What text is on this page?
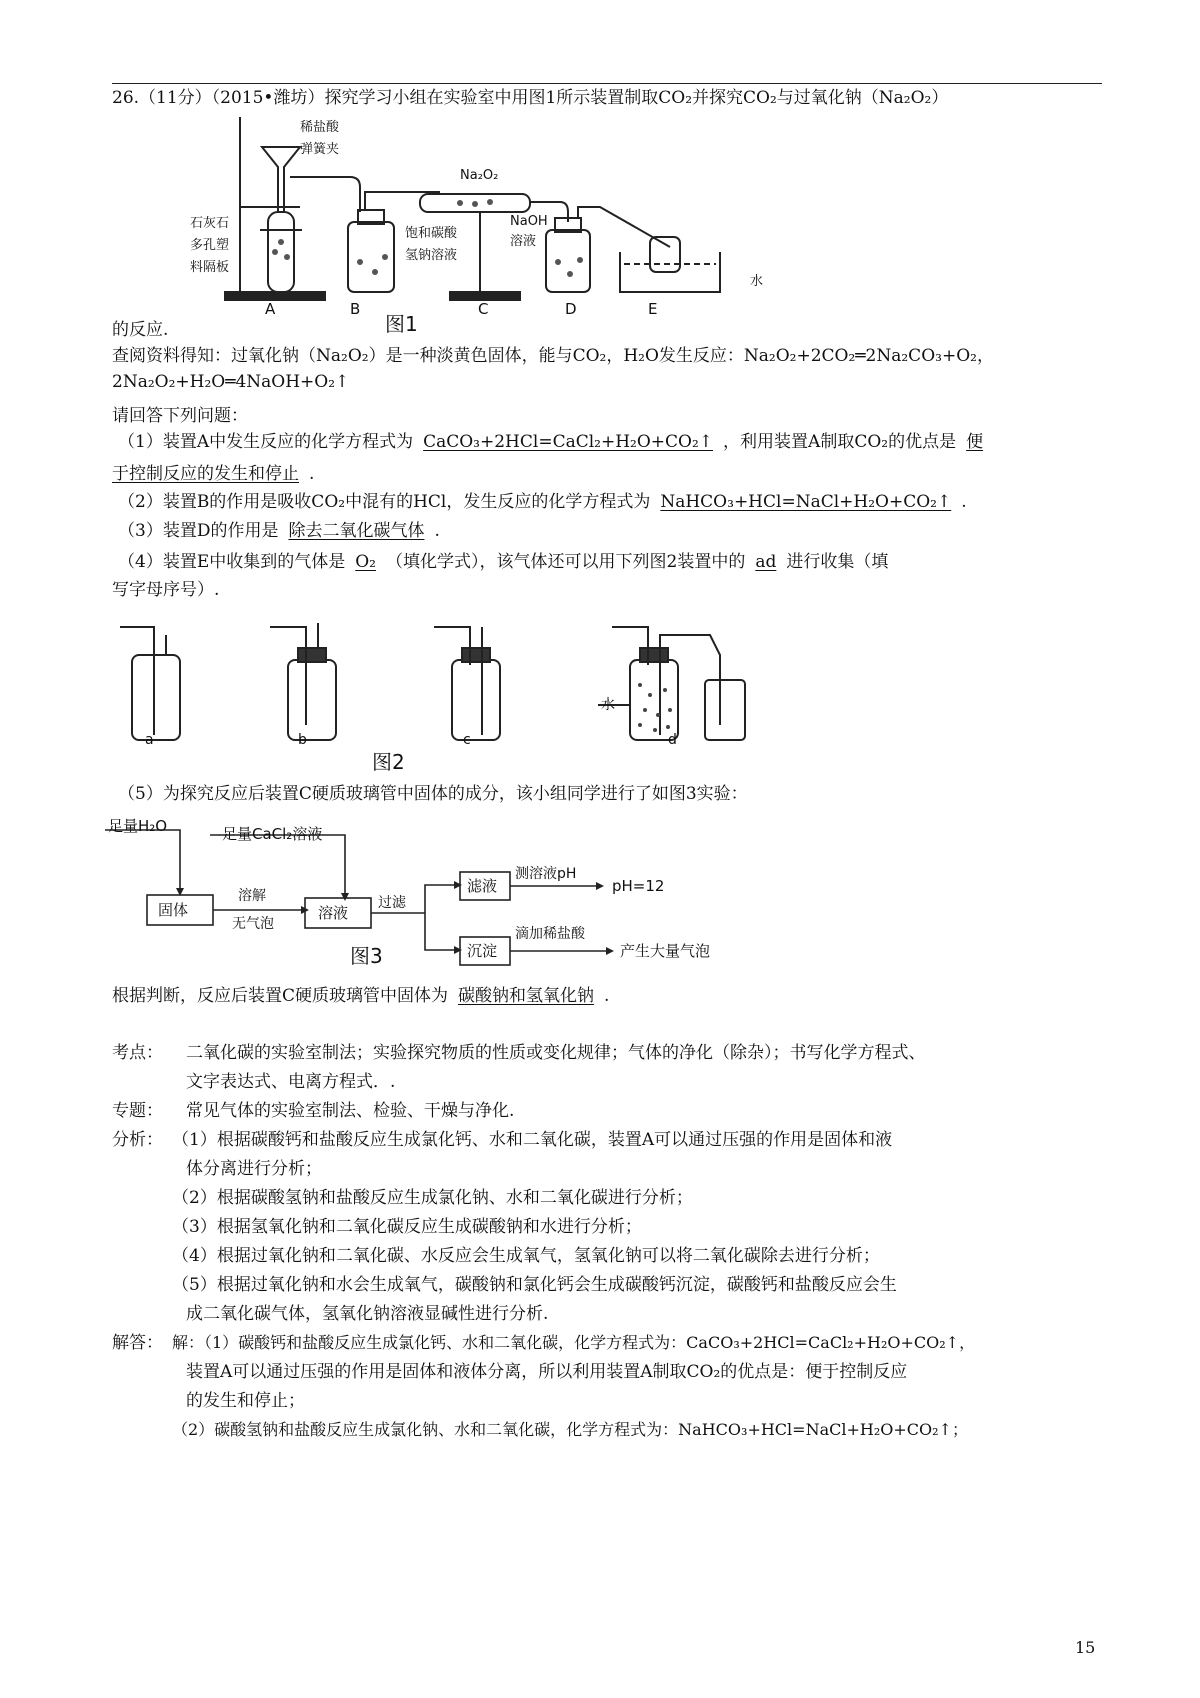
26.（11分）（2015•潍坊）探究学习小组在实验室中用图1所示装置制取CO₂并探究CO₂与过氧化钠（Na₂O₂）
稀盐酸
弹簧夹
石灰石
多孔塑
料隔板
饱和碳酸
氢钠溶液
NaOH
溶液
Na₂O₂
水
A	B	C	D	E
图1
的反应.
查阅资料得知：过氧化钠（Na₂O₂）是一种淡黄色固体，能与CO₂，H₂O发生反应：Na₂O₂+2CO₂═2Na₂CO₃+O₂，
2Na₂O₂+H₂O═4NaOH+O₂↑
请回答下列问题：
（1）装置A中发生反应的化学方程式为 CaCO₃+2HCl=CaCl₂+H₂O+CO₂↑ ，利用装置A制取CO₂的优点是 便
于控制反应的发生和停止 .
（2）装置B的作用是吸收CO₂中混有的HCl，发生反应的化学方程式为 NaHCO₃+HCl=NaCl+H₂O+CO₂↑ .
（3）装置D的作用是 除去二氧化碳气体 .
（4）装置E中收集到的气体是 O₂ （填化学式），该气体还可以用下列图2装置中的 ad 进行收集（填
写字母序号）.
水
a	b	c	d
图2
（5）为探究反应后装置C硬质玻璃管中固体的成分，该小组同学进行了如图3实验：
足量H₂O	足量CaCl₂溶液
固体
溶解
无气泡
溶液
过滤
滤液
测溶液pH
pH=12
沉淀
滴加稀盐酸
产生大量气泡
图3
根据判断，反应后装置C硬质玻璃管中固体为 碳酸钠和氢氧化钠 .
考点： 二氧化碳的实验室制法；实验探究物质的性质或变化规律；气体的净化（除杂）；书写化学方程式、
文字表达式、电离方程式．.
专题： 常见气体的实验室制法、检验、干燥与净化.
分析： （1）根据碳酸钙和盐酸反应生成氯化钙、水和二氧化碳，装置A可以通过压强的作用是固体和液
体分离进行分析；
（2）根据碳酸氢钠和盐酸反应生成氯化钠、水和二氧化碳进行分析；
（3）根据氢氧化钠和二氧化碳反应生成碳酸钠和水进行分析；
（4）根据过氧化钠和二氧化碳、水反应会生成氧气，氢氧化钠可以将二氧化碳除去进行分析；
（5）根据过氧化钠和水会生成氧气，碳酸钠和氯化钙会生成碳酸钙沉淀，碳酸钙和盐酸反应会生
成二氧化碳气体，氢氧化钠溶液显碱性进行分析.
解答： 解：（1）碳酸钙和盐酸反应生成氯化钙、水和二氧化碳，化学方程式为：CaCO₃+2HCl=CaCl₂+H₂O+CO₂↑，
装置A可以通过压强的作用是固体和液体分离，所以利用装置A制取CO₂的优点是：便于控制反应
的发生和停止；
（2）碳酸氢钠和盐酸反应生成氯化钠、水和二氧化碳，化学方程式为：NaHCO₃+HCl=NaCl+H₂O+CO₂↑；
15
